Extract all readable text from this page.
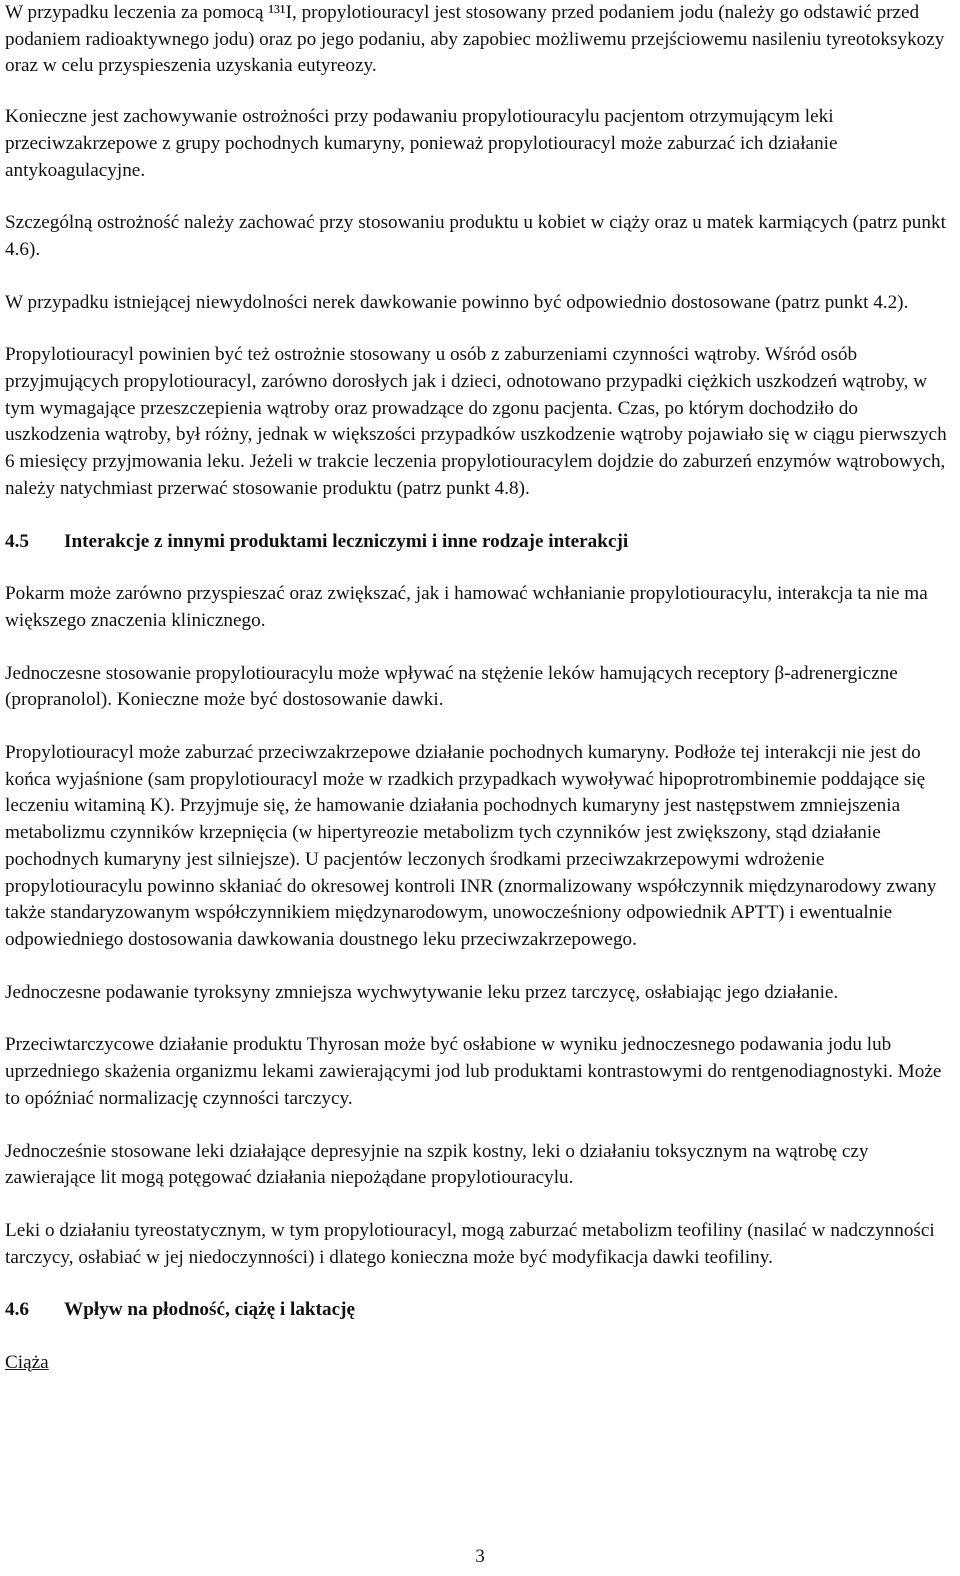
W przypadku leczenia za pomocą ¹³¹I, propylotiouracyl jest stosowany przed podaniem jodu (należy go odstawić przed podaniem radioaktywnego jodu) oraz po jego podaniu, aby zapobiec możliwemu przejściowemu nasileniu tyreotoksykozy oraz w celu przyspieszenia uzyskania eutyreozy.

Konieczne jest zachowywanie ostrożności przy podawaniu propylotiouracylu pacjentom otrzymującym leki przeciwzakrzepowe z grupy pochodnych kumaryny, ponieważ propylotiouracyl może zaburzać ich działanie antykoagulacyjne.

Szczególną ostrożność należy zachować przy stosowaniu produktu u kobiet w ciąży oraz u matek karmiących (patrz punkt 4.6).

W przypadku istniejącej niewydolności nerek dawkowanie powinno być odpowiednio dostosowane (patrz punkt 4.2).

Propylotiouracyl powinien być też ostrożnie stosowany u osób z zaburzeniami czynności wątroby. Wśród osób przyjmujących propylotiouracyl, zarówno dorosłych jak i dzieci, odnotowano przypadki ciężkich uszkodzeń wątroby, w tym wymagające przeszczepienia wątroby oraz prowadzące do zgonu pacjenta. Czas, po którym dochodziło do uszkodzenia wątroby, był różny, jednak w większości przypadków uszkodzenie wątroby pojawiało się w ciągu pierwszych 6 miesięcy przyjmowania leku. Jeżeli w trakcie leczenia propylotiouracylem dojdzie do zaburzeń enzymów wątrobowych, należy natychmiast przerwać stosowanie produktu (patrz punkt 4.8).

4.5	Interakcje z innymi produktami leczniczymi i inne rodzaje interakcji

Pokarm może zarówno przyspieszać oraz zwiększać, jak i hamować wchłanianie propylotiouracylu, interakcja ta nie ma większego znaczenia klinicznego.

Jednoczesne stosowanie propylotiouracylu może wpływać na stężenie leków hamujących receptory β-adrenergiczne (propranolol). Konieczne może być dostosowanie dawki.

Propylotiouracyl może zaburzać przeciwzakrzepowe działanie pochodnych kumaryny. Podłoże tej interakcji nie jest do końca wyjaśnione (sam propylotiouracyl może w rzadkich przypadkach wywoływać hipoprotrombinemie poddające się leczeniu witaminą K). Przyjmuje się, że hamowanie działania pochodnych kumaryny jest następstwem zmniejszenia metabolizmu czynników krzepnięcia (w hipertyreozie metabolizm tych czynników jest zwiększony, stąd działanie pochodnych kumaryny jest silniejsze). U pacjentów leczonych środkami przeciwzakrzepowymi wdrożenie propylotiouracylu powinno skłaniać do okresowej kontroli INR (znormalizowany współczynnik międzynarodowy zwany także standaryzowanym współczynnikiem międzynarodowym, unowocześniony odpowiednik APTT) i ewentualnie odpowiedniego dostosowania dawkowania doustnego leku przeciwzakrzepowego.

Jednoczesne podawanie tyroksyny zmniejsza wychwytywanie leku przez tarczycę, osłabiając jego działanie.

Przeciwtarczycowe działanie produktu Thyrosan może być osłabione w wyniku jednoczesnego podawania jodu lub uprzedniego skażenia organizmu lekami zawierającymi jod lub produktami kontrastowymi do rentgenodiagnostyki. Może to opóźniać normalizację czynności tarczycy.

Jednocześnie stosowane leki działające depresyjnie na szpik kostny, leki o działaniu toksycznym na wątrobę czy zawierające lit mogą potęgować działania niepożądane propylotiouracylu.

Leki o działaniu tyreostatycznym, w tym propylotiouracyl, mogą zaburzać metabolizm teofiliny (nasilać w nadczynności tarczycy, osłabiać w jej niedoczynności) i dlatego konieczna może być modyfikacja dawki teofiliny.

4.6	Wpływ na płodność, ciążę i laktację

Ciąża

3
